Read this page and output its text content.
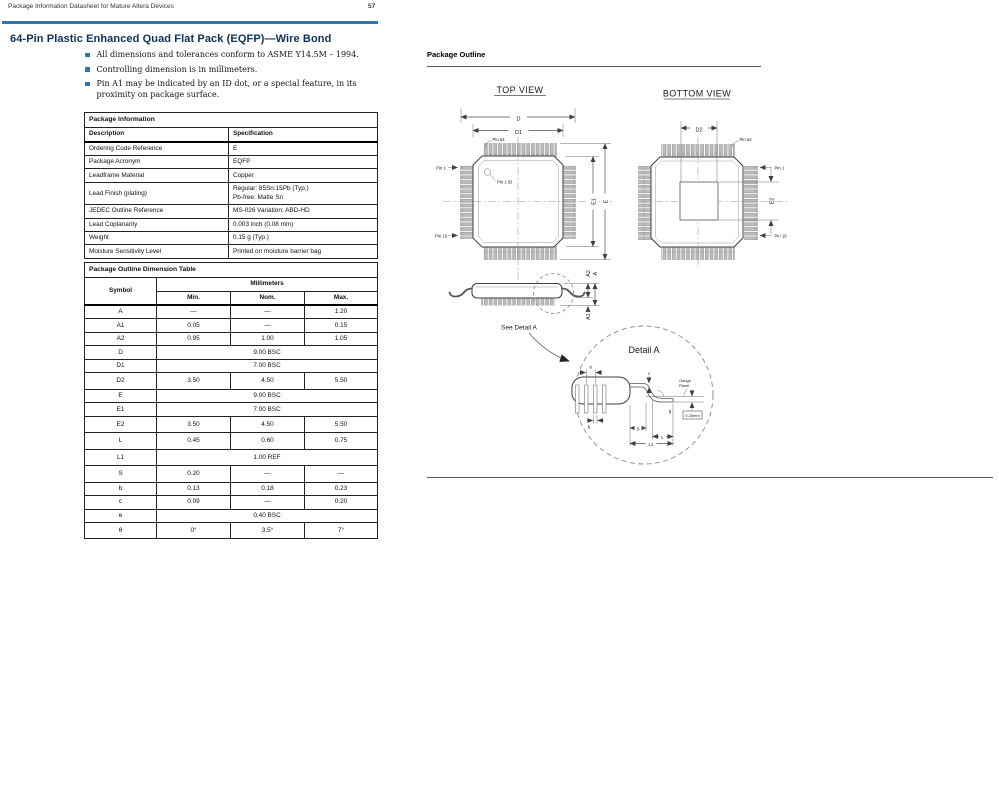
Package Information Datasheet for Mature Altera Devices	57
64-Pin Plastic Enhanced Quad Flat Pack (EQFP)—Wire Bond
All dimensions and tolerances conform to ASME Y14.5M – 1994.
Controlling dimension is in millimeters.
Pin A1 may be indicated by an ID dot, or a special feature, in its proximity on package surface.
Package Information	
Description	Specification
Ordering Code Reference	E
Package Acronym	EQFP
Leadframe Material	Copper
Lead Finish (plating)	Regular: 85Sn:15Pb (Typ.)
Pb-free: Matte Sn

JEDEC Outline Reference	MS-026 Variation: ABD-HD
Lead Coplanarity	0.003 inch (0.08 mm)
Weight	0.15 g (Typ.)
Moisture Sensitivity Level	Printed on moisture barrier bag
Package Outline Dimension Table			
Symbol	Millimeters		
	Min.	Nom.	Max.
A	—	—	1.20
A1	0.05	—	0.15
A2	0.95	1.00	1.05
D	9.00 BSC		
D1	7.00 BSC		
D2	3.50	4.50	5.50
E	9.00 BSC		
E1	7.00 BSC		
E2	3.50	4.50	5.50
L	0.45	0.60	0.75
L1	1.00 REF		
S	0.20	—	—
b	0.13	0.18	0.23
c	0.09	—	0.20
e	0.40 BSC		
θ	0°	3.5°	7°
Package Outline
TOP VIEW
D
D1
E1 E
Pin 1 ID
Pin 64
Pin 1
Pin 16
BOTTOM VIEW
D2
E2
Pin 64
Pin 1
Pin 16
See Detail A
A2 A
A1
Detail A
e
b
c
Gauge
Plane
0.25mm
θ
S
L
L1
